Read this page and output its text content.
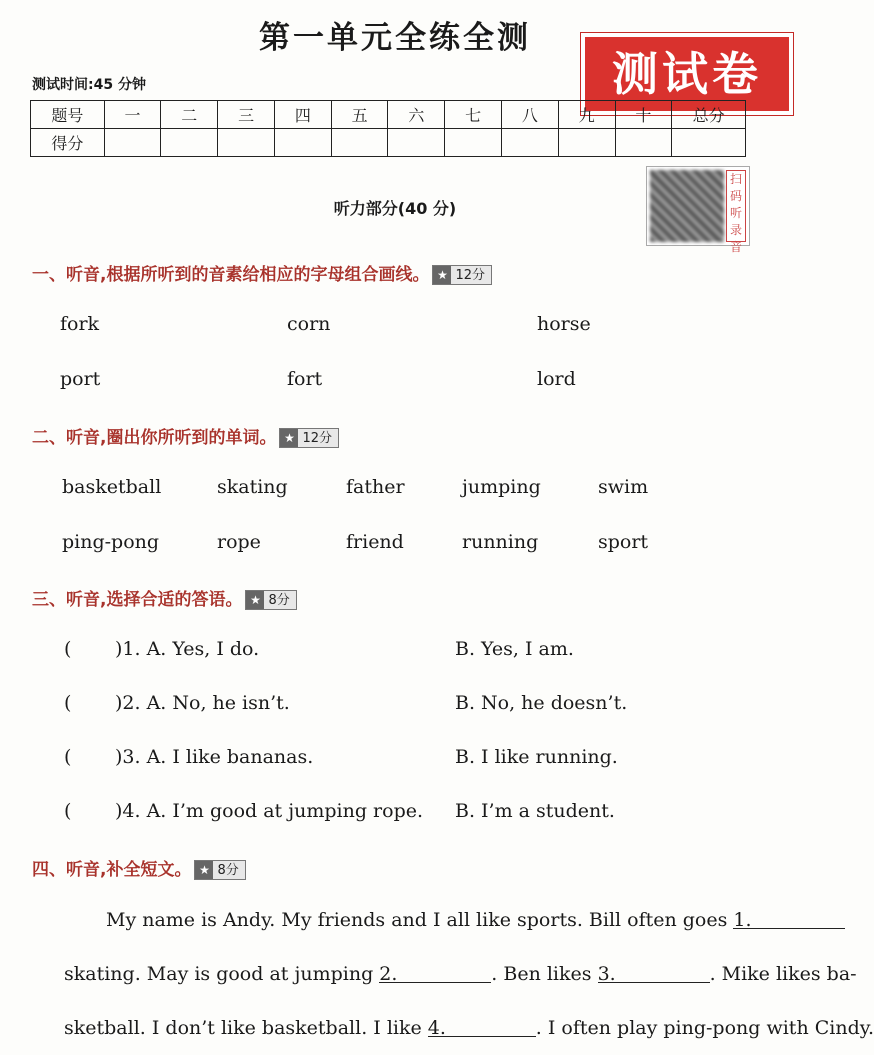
第一单元全练全测
测试卷
测试时间:45 分钟
题号	一	二	三	四	五	六	七	八	九	十	总分
得分											
扫码听录音
听力部分(40 分)
一、听音,根据所听到的音素给相应的字母组合画线。 ★ 12分
fork	corn	horse
port	fort	lord
二、听音,圈出你所听到的单词。 ★ 12分
basketball	skating	father	jumping	swim
ping-pong	rope	friend	running	sport
三、听音,选择合适的答语。 ★ 8分
( )1. A. Yes, I do.	B. Yes, I am.
( )2. A. No, he isn’t.	B. No, he doesn’t.
( )3. A. I like bananas.	B. I like running.
( )4. A. I’m good at jumping rope. B. I’m a student.
四、听音,补全短文。 ★ 8分
My name is Andy. My friends and I all like sports. Bill often goes 1.
skating. May is good at jumping 2.	. Ben likes 3.	. Mike likes ba-
sketball. I don’t like basketball. I like 4.	. I often play ping-pong with Cindy.
